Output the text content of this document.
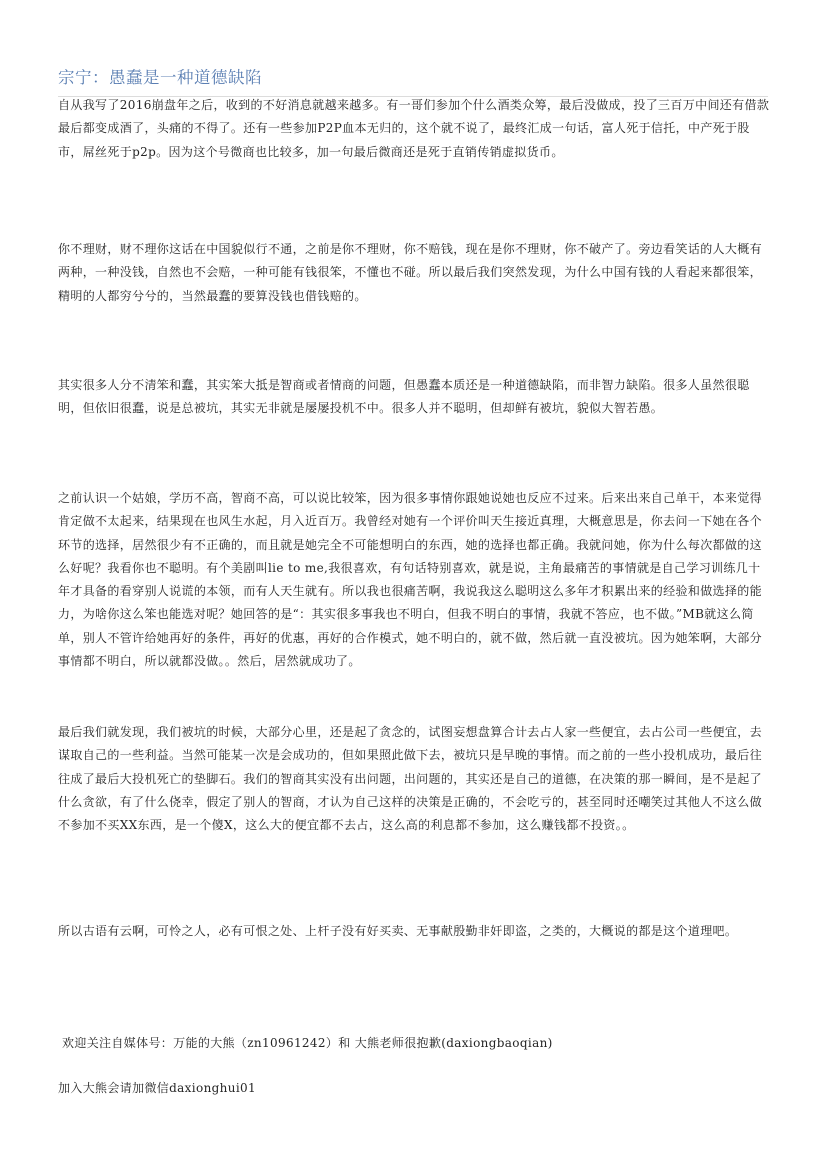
宗宁：愚蠢是一种道德缺陷

自从我写了2016崩盘年之后，收到的不好消息就越来越多。有一哥们参加个什么酒类众筹，最后没做成，投了三百万中间还有借款最后都变成酒了，头痛的不得了。还有一些参加P2P血本无归的，这个就不说了，最终汇成一句话，富人死于信托，中产死于股市，屌丝死于p2p。因为这个号微商也比较多，加一句最后微商还是死于直销传销虚拟货币。

你不理财，财不理你这话在中国貌似行不通，之前是你不理财，你不赔钱，现在是你不理财，你不破产了。旁边看笑话的人大概有两种，一种没钱，自然也不会赔，一种可能有钱很笨，不懂也不碰。所以最后我们突然发现，为什么中国有钱的人看起来都很笨，精明的人都穷兮兮的，当然最蠢的要算没钱也借钱赔的。

其实很多人分不清笨和蠢，其实笨大抵是智商或者情商的问题，但愚蠢本质还是一种道德缺陷，而非智力缺陷。很多人虽然很聪明，但依旧很蠢，说是总被坑，其实无非就是屡屡投机不中。很多人并不聪明，但却鲜有被坑，貌似大智若愚。

之前认识一个姑娘，学历不高，智商不高，可以说比较笨，因为很多事情你跟她说她也反应不过来。后来出来自己单干，本来觉得肯定做不太起来，结果现在也风生水起，月入近百万。我曾经对她有一个评价叫天生接近真理，大概意思是，你去问一下她在各个环节的选择，居然很少有不正确的，而且就是她完全不可能想明白的东西，她的选择也都正确。我就问她，你为什么每次都做的这么好呢？我看你也不聪明。有个美剧叫lie to me,我很喜欢，有句话特别喜欢，就是说，主角最痛苦的事情就是自己学习训练几十年才具备的看穿别人说谎的本领，而有人天生就有。所以我也很痛苦啊，我说我这么聪明这么多年才积累出来的经验和做选择的能力，为啥你这么笨也能选对呢？她回答的是“：其实很多事我也不明白，但我不明白的事情，我就不答应，也不做。”MB就这么简单，别人不管许给她再好的条件，再好的优惠，再好的合作模式，她不明白的，就不做，然后就一直没被坑。因为她笨啊，大部分事情都不明白，所以就都没做。。然后，居然就成功了。

最后我们就发现，我们被坑的时候，大部分心里，还是起了贪念的，试图妄想盘算合计去占人家一些便宜，去占公司一些便宜，去谋取自己的一些利益。当然可能某一次是会成功的，但如果照此做下去，被坑只是早晚的事情。而之前的一些小投机成功，最后往往成了最后大投机死亡的垫脚石。我们的智商其实没有出问题，出问题的，其实还是自己的道德，在决策的那一瞬间，是不是起了什么贪欲，有了什么侥幸，假定了别人的智商，才认为自己这样的决策是正确的，不会吃亏的，甚至同时还嘲笑过其他人不这么做不参加不买XX东西，是一个傻X，这么大的便宜都不去占，这么高的利息都不参加，这么赚钱都不投资。。

所以古语有云啊，可怜之人，必有可恨之处、上杆子没有好买卖、无事献殷勤非奸即盗，之类的，大概说的都是这个道理吧。

欢迎关注自媒体号：万能的大熊（zn10961242）和 大熊老师很抱歉(daxiongbaoqian)

加入大熊会请加微信daxionghui01
